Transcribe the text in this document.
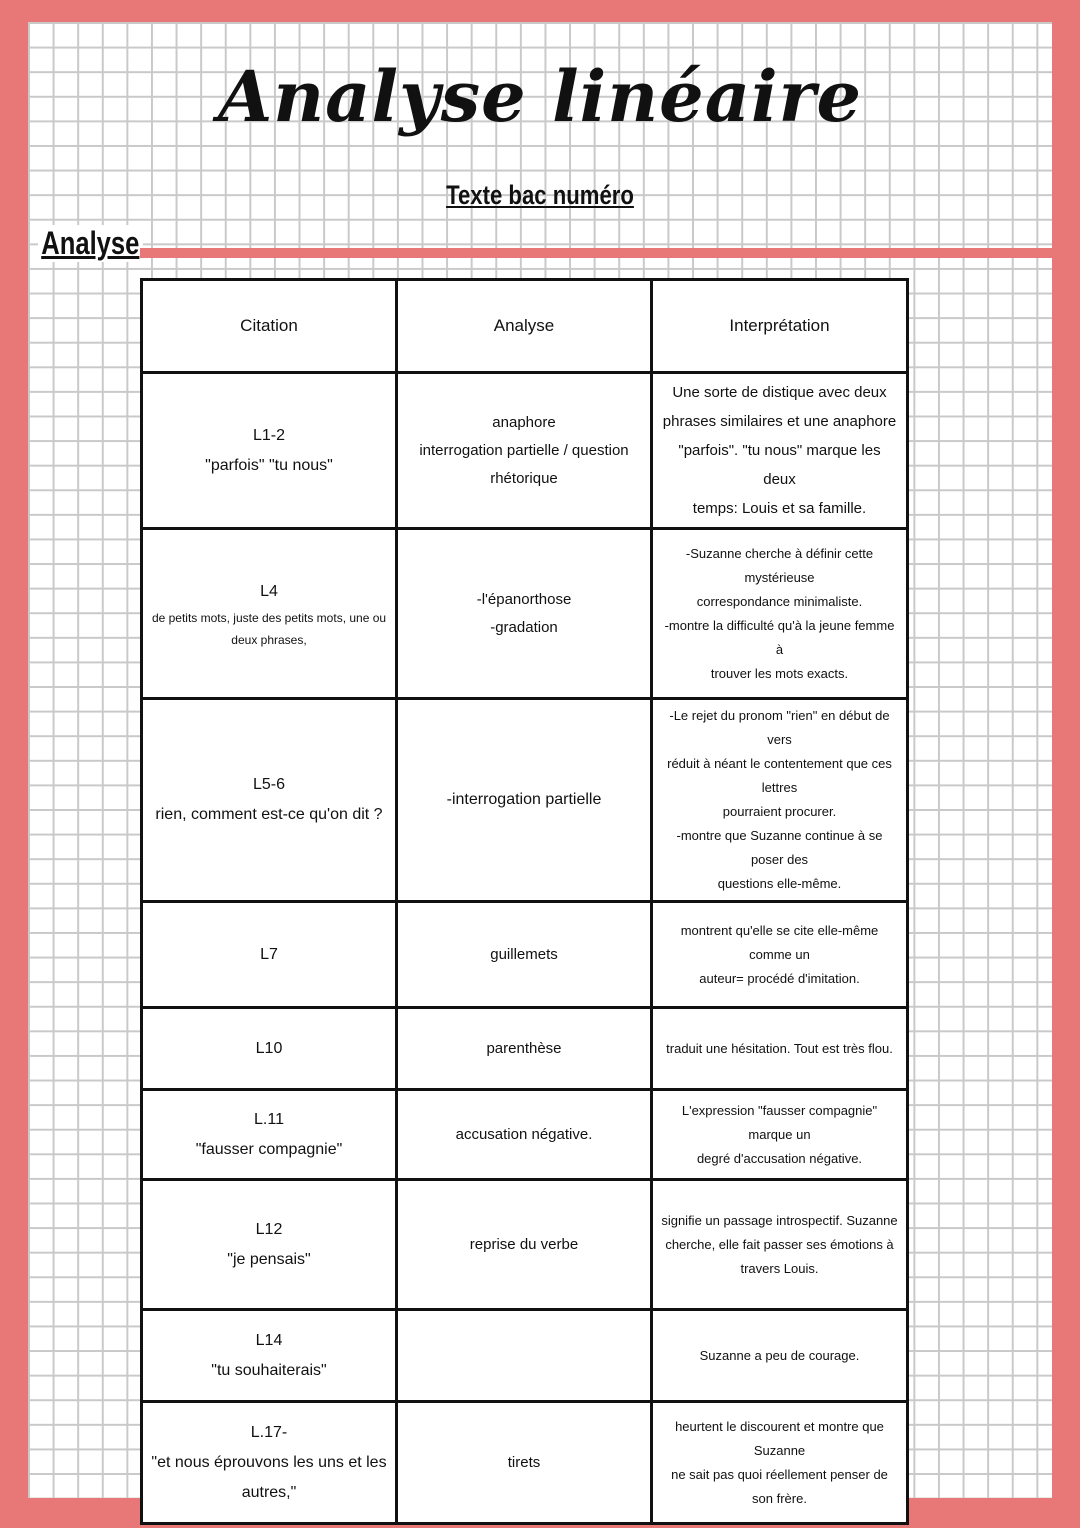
Analyse linéaire
Texte bac numéro
Analyse
Citation	Analyse	Interprétation

L1-2
"parfois" "tu nous"	anaphore
interrogation partielle / question
rhétorique	Une sorte de distique avec deux
phrases similaires et une anaphore
"parfois". "tu nous" marque les deux
temps: Louis et sa famille.

L4
de petits mots, juste des petits mots, une ou
deux phrases,	-l'épanorthose
-gradation	-Suzanne cherche à définir cette mystérieuse
correspondance minimaliste.
-montre la difficulté qu'à la jeune femme à
trouver les mots exacts.

L5-6
rien, comment est-ce qu'on dit ?	-interrogation partielle	-Le rejet du pronom "rien" en début de vers
réduit à néant le contentement que ces lettres
pourraient procurer.
-montre que Suzanne continue à se poser des
questions elle-même.

L7	guillemets	montrent qu'elle se cite elle-même comme un
auteur= procédé d'imitation.

L10	parenthèse	traduit une hésitation. Tout est très flou.

L.11
"fausser compagnie"	accusation négative.	L'expression "fausser compagnie" marque un
degré d'accusation négative.

L12
"je pensais"	reprise du verbe	signifie un passage introspectif. Suzanne
cherche, elle fait passer ses émotions à
travers Louis.

L14
"tu souhaiterais"		Suzanne a peu de courage.

L.17-
"et nous éprouvons les uns et les
autres,"	tirets	heurtent le discourent et montre que Suzanne
ne sait pas quoi réellement penser de son frère.
